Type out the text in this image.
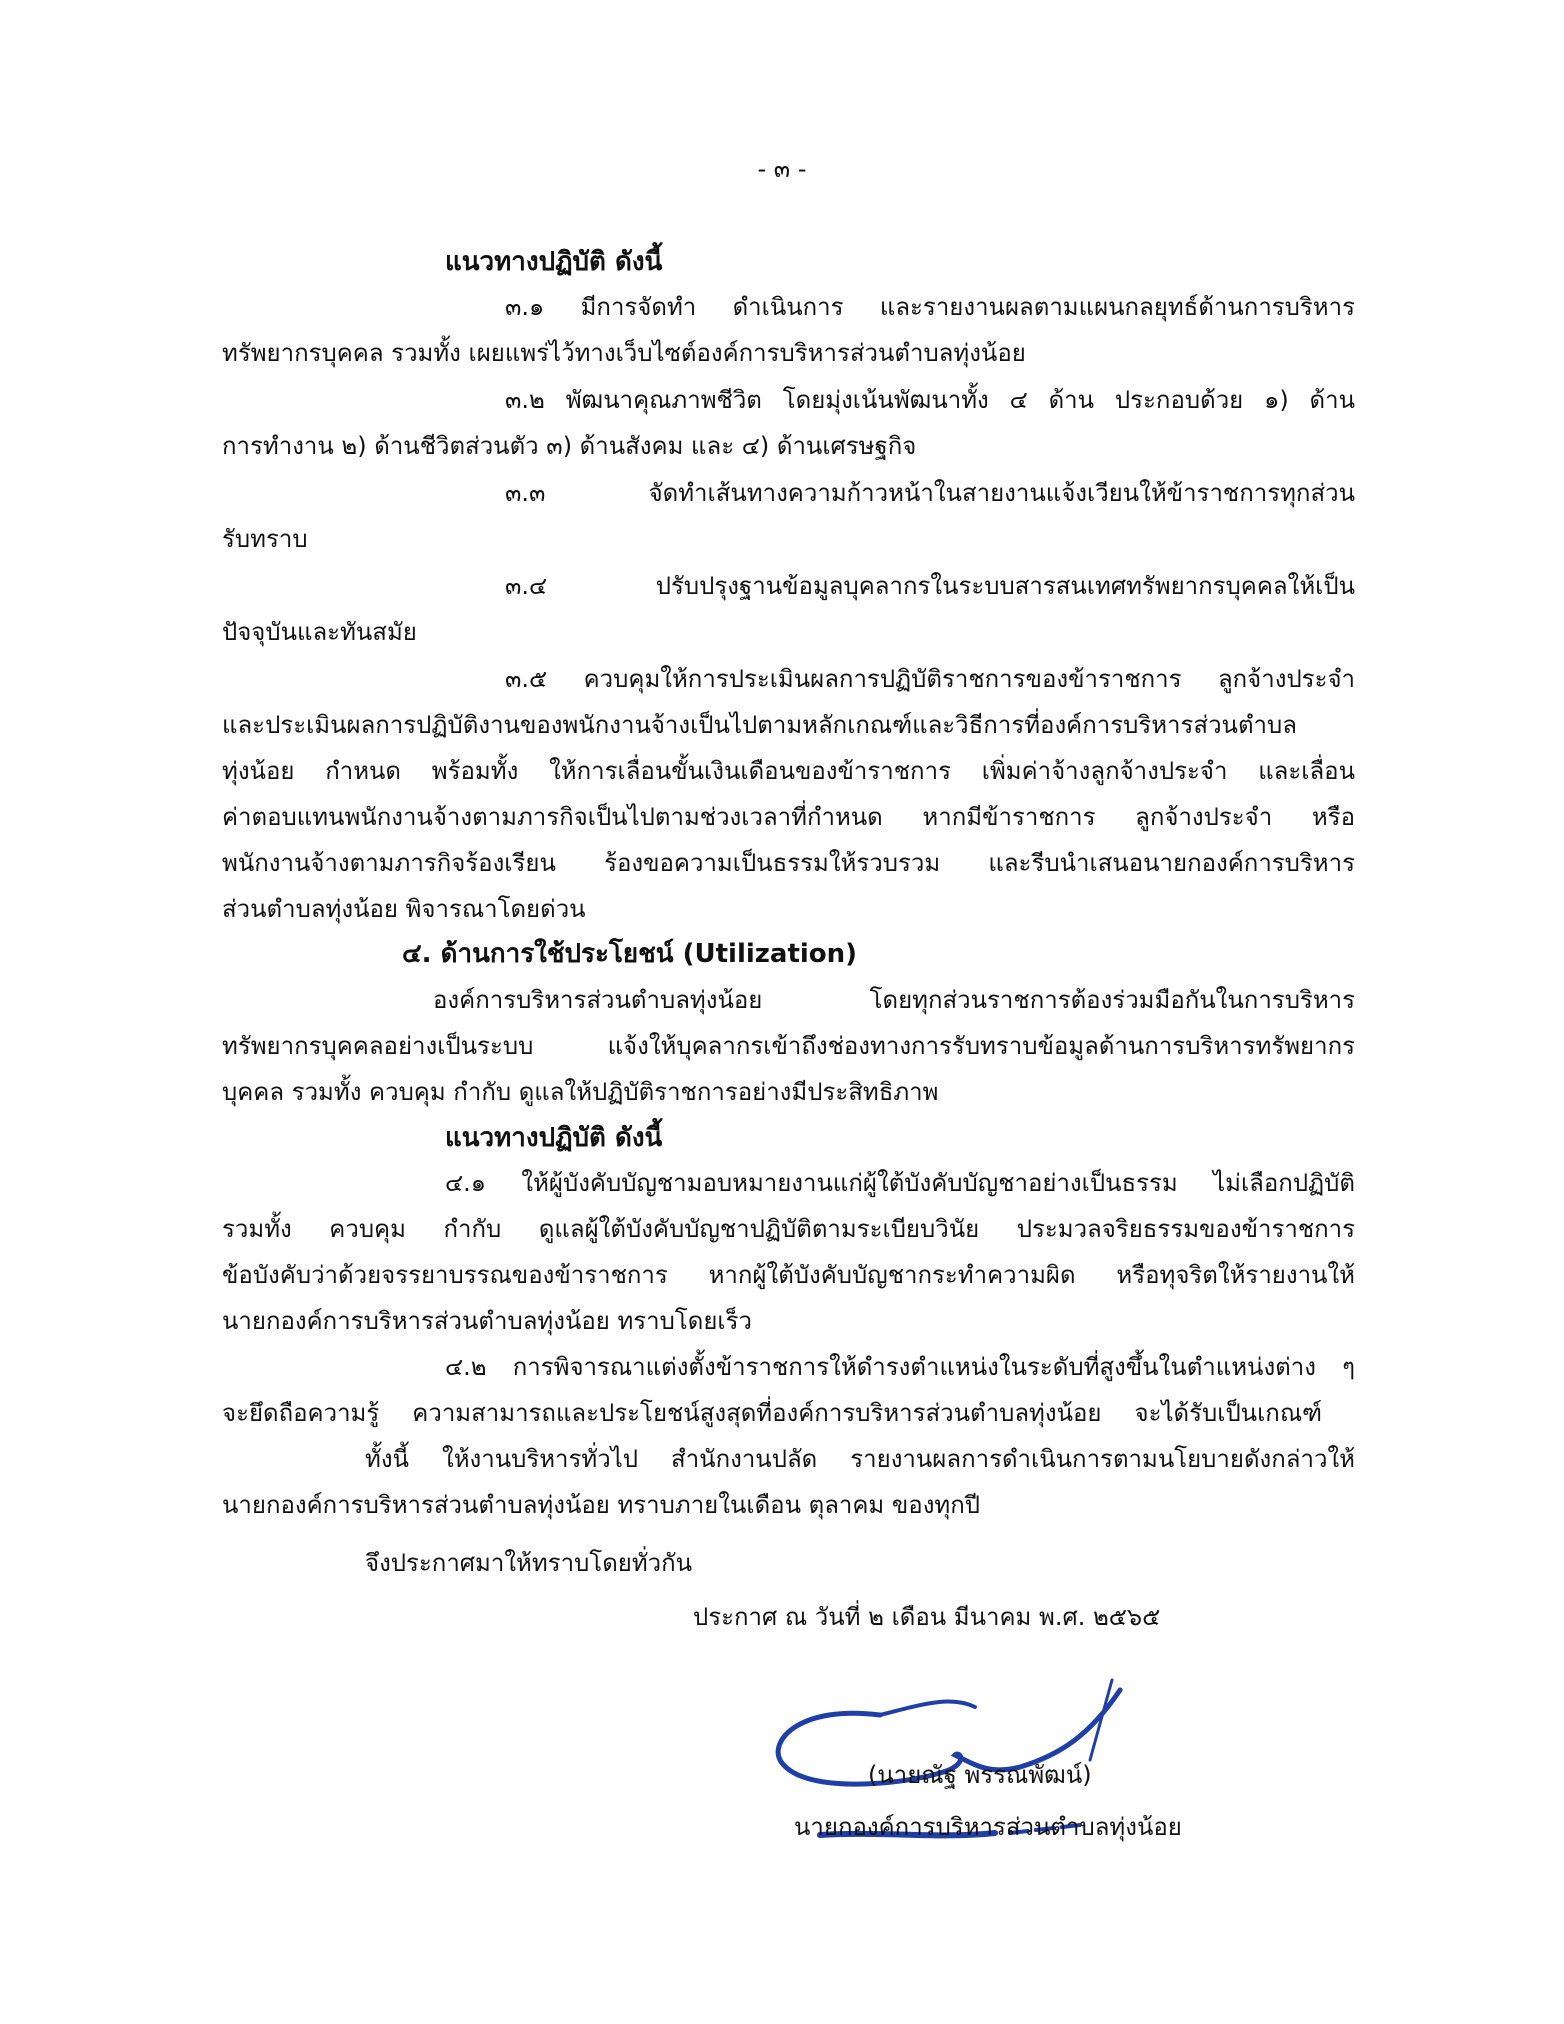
- ๓ -
แนวทางปฏิบัติ ดังนี้
๓.๑ มีการจัดทำ ดำเนินการ และรายงานผลตามแผนกลยุทธ์ด้านการบริหาร
ทรัพยากรบุคคล รวมทั้ง เผยแพร่ไว้ทางเว็บไซต์องค์การบริหารส่วนตำบลทุ่งน้อย
๓.๒ พัฒนาคุณภาพชีวิต โดยมุ่งเน้นพัฒนาทั้ง ๔ ด้าน ประกอบด้วย ๑) ด้าน
การทำงาน ๒) ด้านชีวิตส่วนตัว ๓) ด้านสังคม และ ๔) ด้านเศรษฐกิจ
๓.๓ จัดทำเส้นทางความก้าวหน้าในสายงานแจ้งเวียนให้ข้าราชการทุกส่วน
รับทราบ
๓.๔ ปรับปรุงฐานข้อมูลบุคลากรในระบบสารสนเทศทรัพยากรบุคคลให้เป็น
ปัจจุบันและทันสมัย
๓.๕ ควบคุมให้การประเมินผลการปฏิบัติราชการของข้าราชการ ลูกจ้างประจำ
และประเมินผลการปฏิบัติงานของพนักงานจ้างเป็นไปตามหลักเกณฑ์และวิธีการที่องค์การบริหารส่วนตำบล
ทุ่งน้อย กำหนด พร้อมทั้ง ให้การเลื่อนขั้นเงินเดือนของข้าราชการ เพิ่มค่าจ้างลูกจ้างประจำ และเลื่อน
ค่าตอบแทนพนักงานจ้างตามภารกิจเป็นไปตามช่วงเวลาที่กำหนด หากมีข้าราชการ ลูกจ้างประจำ หรือ
พนักงานจ้างตามภารกิจร้องเรียน ร้องขอความเป็นธรรมให้รวบรวม และรีบนำเสนอนายกองค์การบริหาร
ส่วนตำบลทุ่งน้อย พิจารณาโดยด่วน
๔. ด้านการใช้ประโยชน์ (Utilization)
องค์การบริหารส่วนตำบลทุ่งน้อย โดยทุกส่วนราชการต้องร่วมมือกันในการบริหาร
ทรัพยากรบุคคลอย่างเป็นระบบ แจ้งให้บุคลากรเข้าถึงช่องทางการรับทราบข้อมูลด้านการบริหารทรัพยากร
บุคคล รวมทั้ง ควบคุม กำกับ ดูแลให้ปฏิบัติราชการอย่างมีประสิทธิภาพ
แนวทางปฏิบัติ ดังนี้
๔.๑ ให้ผู้บังคับบัญชามอบหมายงานแก่ผู้ใต้บังคับบัญชาอย่างเป็นธรรม ไม่เลือกปฏิบัติ
รวมทั้ง ควบคุม กำกับ ดูแลผู้ใต้บังคับบัญชาปฏิบัติตามระเบียบวินัย ประมวลจริยธรรมของข้าราชการ
ข้อบังคับว่าด้วยจรรยาบรรณของข้าราชการ หากผู้ใต้บังคับบัญชากระทำความผิด หรือทุจริตให้รายงานให้
นายกองค์การบริหารส่วนตำบลทุ่งน้อย ทราบโดยเร็ว
๔.๒ การพิจารณาแต่งตั้งข้าราชการให้ดำรงตำแหน่งในระดับที่สูงขึ้นในตำแหน่งต่าง ๆ
จะยึดถือความรู้ ความสามารถและประโยชน์สูงสุดที่องค์การบริหารส่วนตำบลทุ่งน้อย จะได้รับเป็นเกณฑ์
ทั้งนี้ ให้งานบริหารทั่วไป สำนักงานปลัด รายงานผลการดำเนินการตามนโยบายดังกล่าวให้
นายกองค์การบริหารส่วนตำบลทุ่งน้อย ทราบภายในเดือน ตุลาคม ของทุกปี
จึงประกาศมาให้ทราบโดยทั่วกัน
ประกาศ ณ วันที่ ๒ เดือน มีนาคม พ.ศ. ๒๕๖๕
(นายณัฐ พรรณพัฒน์)
นายกองค์การบริหารส่วนตำบลทุ่งน้อย
